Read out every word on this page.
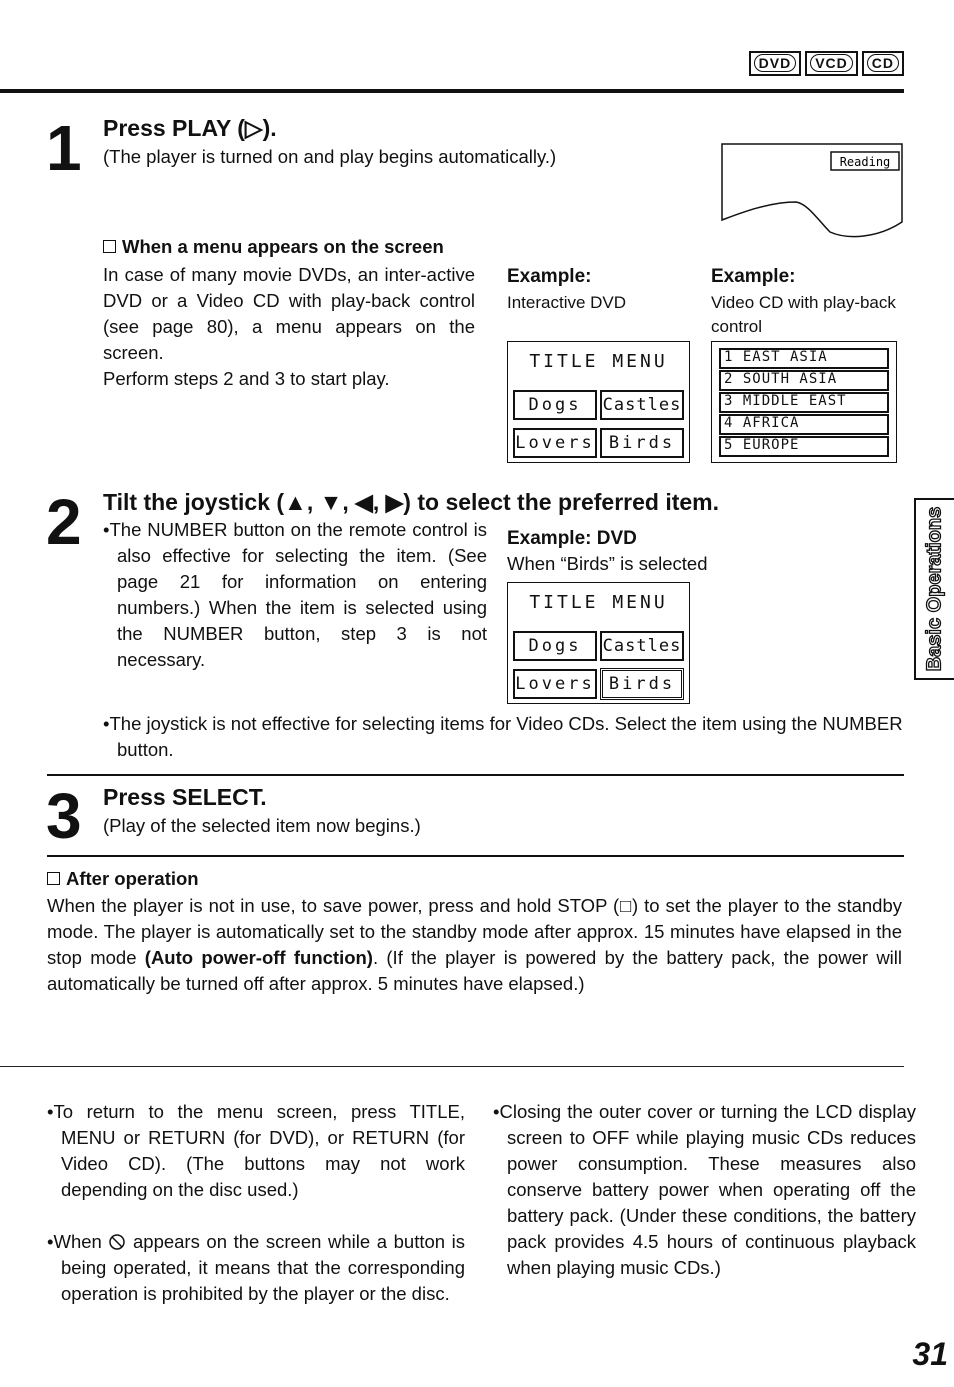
DVD	VCD	CD
1 Press PLAY (▷).
(The player is turned on and play begins automatically.)	Reading
When a menu appears on the screen
In case of many movie DVDs, an inter-active DVD or a Video CD with play-back control (see page 80), a menu appears on the screen.
Perform steps 2 and 3 to start play.
Example:
Interactive DVD
Example:
Video CD with play-back control
TITLE MENU
Dogs	Castles
Lovers Birds
1 EAST ASIA
2 SOUTH ASIA
3 MIDDLE EAST
4 AFRICA
5 EUROPE
2 Tilt the joystick (▲, ▼, ◀, ▶) to select the preferred item.
•The NUMBER button on the remote control is also effective for selecting the item. (See page 21 for information on entering numbers.) When the item is selected using the NUMBER button, step 3 is not necessary.
Example: DVD
When “Birds” is selected
TITLE MENU
Dogs	Castles
Lovers Birds
•The joystick is not effective for selecting items for Video CDs. Select the item using the NUMBER button.
3 Press SELECT.
(Play of the selected item now begins.)
After operation
When the player is not in use, to save power, press and hold STOP (□) to set the player to the standby mode. The player is automatically set to the standby mode after approx. 15 minutes have elapsed in the stop mode (Auto power-off function). (If the player is powered by the battery pack, the power will automatically be turned off after approx. 5 minutes have elapsed.)
•To return to the menu screen, press TITLE, MENU or RETURN (for DVD), or RETURN (for Video CD). (The buttons may not work depending on the disc used.)
•When  appears on the screen while a button is being operated, it means that the corresponding operation is prohibited by the player or the disc.
•Closing the outer cover or turning the LCD display screen to OFF while playing music CDs reduces power consumption. These measures also conserve battery power when operating off the battery pack. (Under these conditions, the battery pack provides 4.5 hours of continuous playback when playing music CDs.)
Basic Operations
31
